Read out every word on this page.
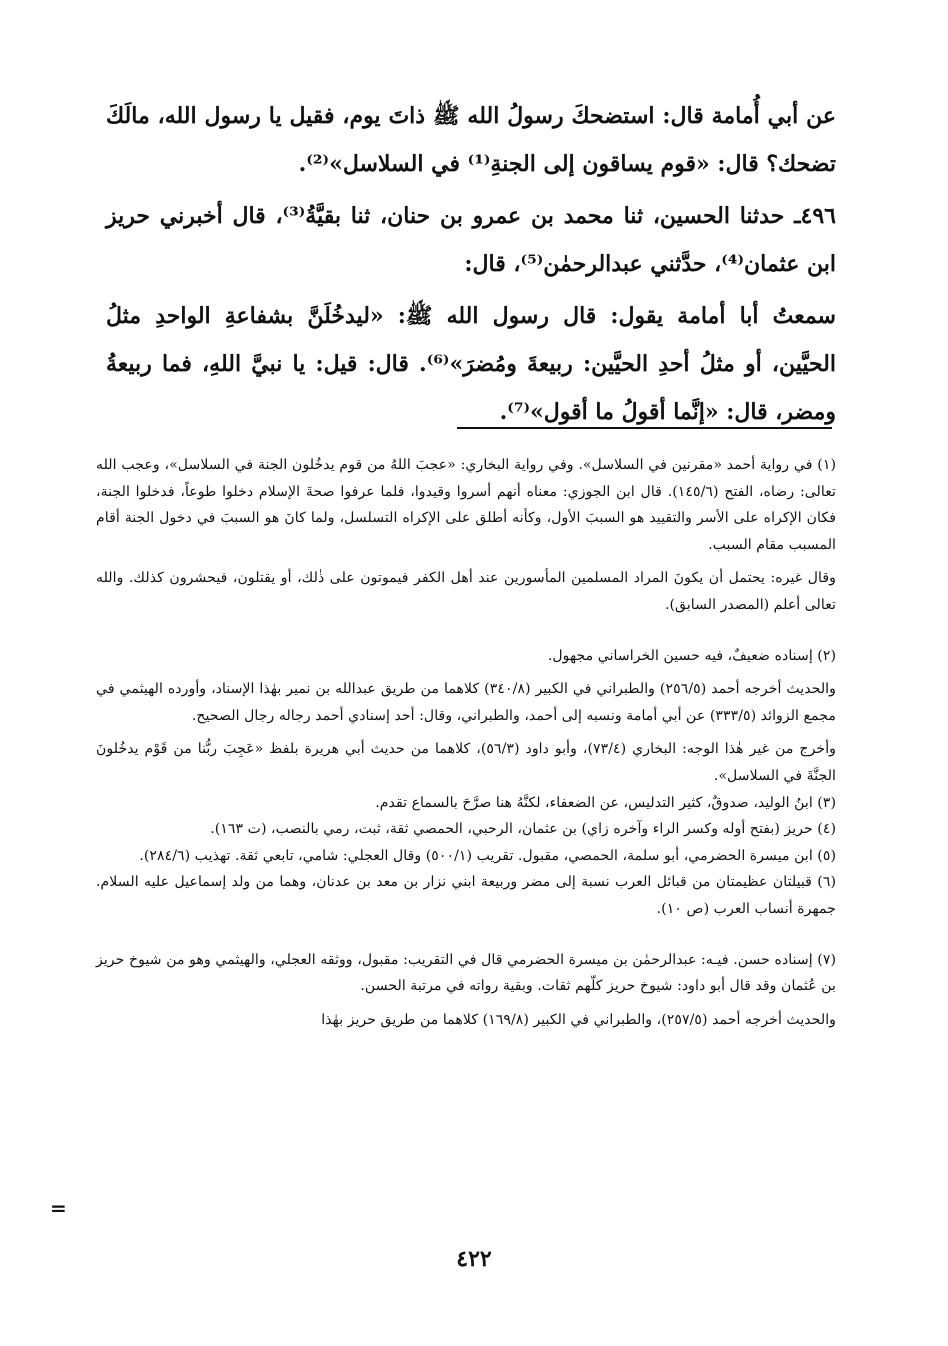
عن أبي أُمامة قال: استضحكَ رسولُ الله ﷺ ذاتَ يوم، فقيل يا رسول الله، مالَكَ تضحك؟ قال: «قوم يساقون إلى الجنةِ⁽¹⁾ في السلاسل»⁽²⁾.

٤٩٦ـ حدثنا الحسين، ثنا محمد بن عمرو بن حنان، ثنا بقيَّةُ⁽³⁾، قال أخبرني حريز ابن عثمان⁽⁴⁾، حدَّثني عبدالرحمٰن⁽⁵⁾، قال:

سمعتُ أبا أمامة يقول: قال رسول الله ﷺ: «ليدخُلَنَّ بشفاعةِ الواحدِ مثلُ الحيَّين، أو مثلُ أحدِ الحيَّين: ربيعةَ ومُضرَ»⁽⁶⁾. قال: قيل: يا نبيَّ اللهِ، فما ربيعةُ ومضر، قال: «إنَّما أقولُ ما أقول»⁽⁷⁾.

(١) في رواية أحمد «مقرنين في السلاسل». وفي رواية البخاري: «عجبَ اللهُ من قوم يدخُلون الجنة في السلاسل»، وعجب الله تعالى: رضاه، الفتح (١٤٥/٦). قال ابن الجوزي: معناه أنهم أسروا وقيدوا، فلما عرفوا صحةَ الإسلام دخلوا طوعاً، فدخلوا الجنة، فكان الإكراه على الأسر والتقييد هو السببَ الأول، وكأنه أطلق على الإكراه التسلسل، ولما كانَ هو السببَ في دخول الجنة أقام المسبب مقام السبب.

وقال غيره: يحتمل أن يكونَ المراد المسلمين المأسورين عند أهل الكفر فيموتون على ذٰلك، أو يقتلون، فيحشرون كذلك. والله تعالى أعلم (المصدر السابق).

(٢) إسناده ضعيفٌ، فيه حسين الخراساني مجهول.

والحديث أخرجه أحمد (٢٥٦/٥) والطبراني في الكبير (٣٤٠/٨) كلاهما من طريق عبدالله بن نمير بهٰذا الإسناد، وأورده الهيثمي في مجمع الزوائد (٣٣٣/٥) عن أبي أمامة ونسبه إلى أحمد، والطبراني، وقال: أحد إسنادي أحمد رجاله رجال الصحيح.

وأخرج من غير هٰذا الوجه: البخاري (٧٣/٤)، وأبو داود (٥٦/٣)، كلاهما من حديث أبي هريرة بلفظ «عَجِبَ ربُّنا من قَوْم يدخُلونَ الجنَّةَ في السلاسل».

(٣) ابنُ الوليد، صدوقٌ، كثير التدليس، عن الضعفاء، لكنَّهُ هنا صرَّحَ بالسماع تقدم.

(٤) حريز (بفتح أوله وكسر الراء وآخره زاي) بن عثمان، الرحبي، الحمصي ثقة، ثبت، رمي بالنصب، (ت ١٦٣).

(٥) ابن ميسرة الحضرمي، أبو سلمة، الحمصي، مقبول. تقريب (٥٠٠/١) وقال العجلي: شامي، تابعي ثقة. تهذيب (٢٨٤/٦).

(٦) قبيلتان عظيمتان من قبائل العرب نسبة إلى مضر وربيعة ابني نزار بن معد بن عدنان، وهما من ولد إسماعيل عليه السلام. جمهرة أنساب العرب (ص ١٠).

(٧) إسناده حسن. فيـه: عبدالرحمٰن بن ميسرة الحضرمي قال في التقريب: مقبول، ووثقه العجلي، والهيثمي وهو من شيوخ حريز بن عُثمان وقد قال أبو داود: شيوخ حريز كلّهم ثقات. وبقية رواته في مرتبة الحسن.

والحديث أخرجه أحمد (٢٥٧/٥)، والطبراني في الكبير (١٦٩/٨) كلاهما من طريق حريز بهٰذا

=
٤٢٢
